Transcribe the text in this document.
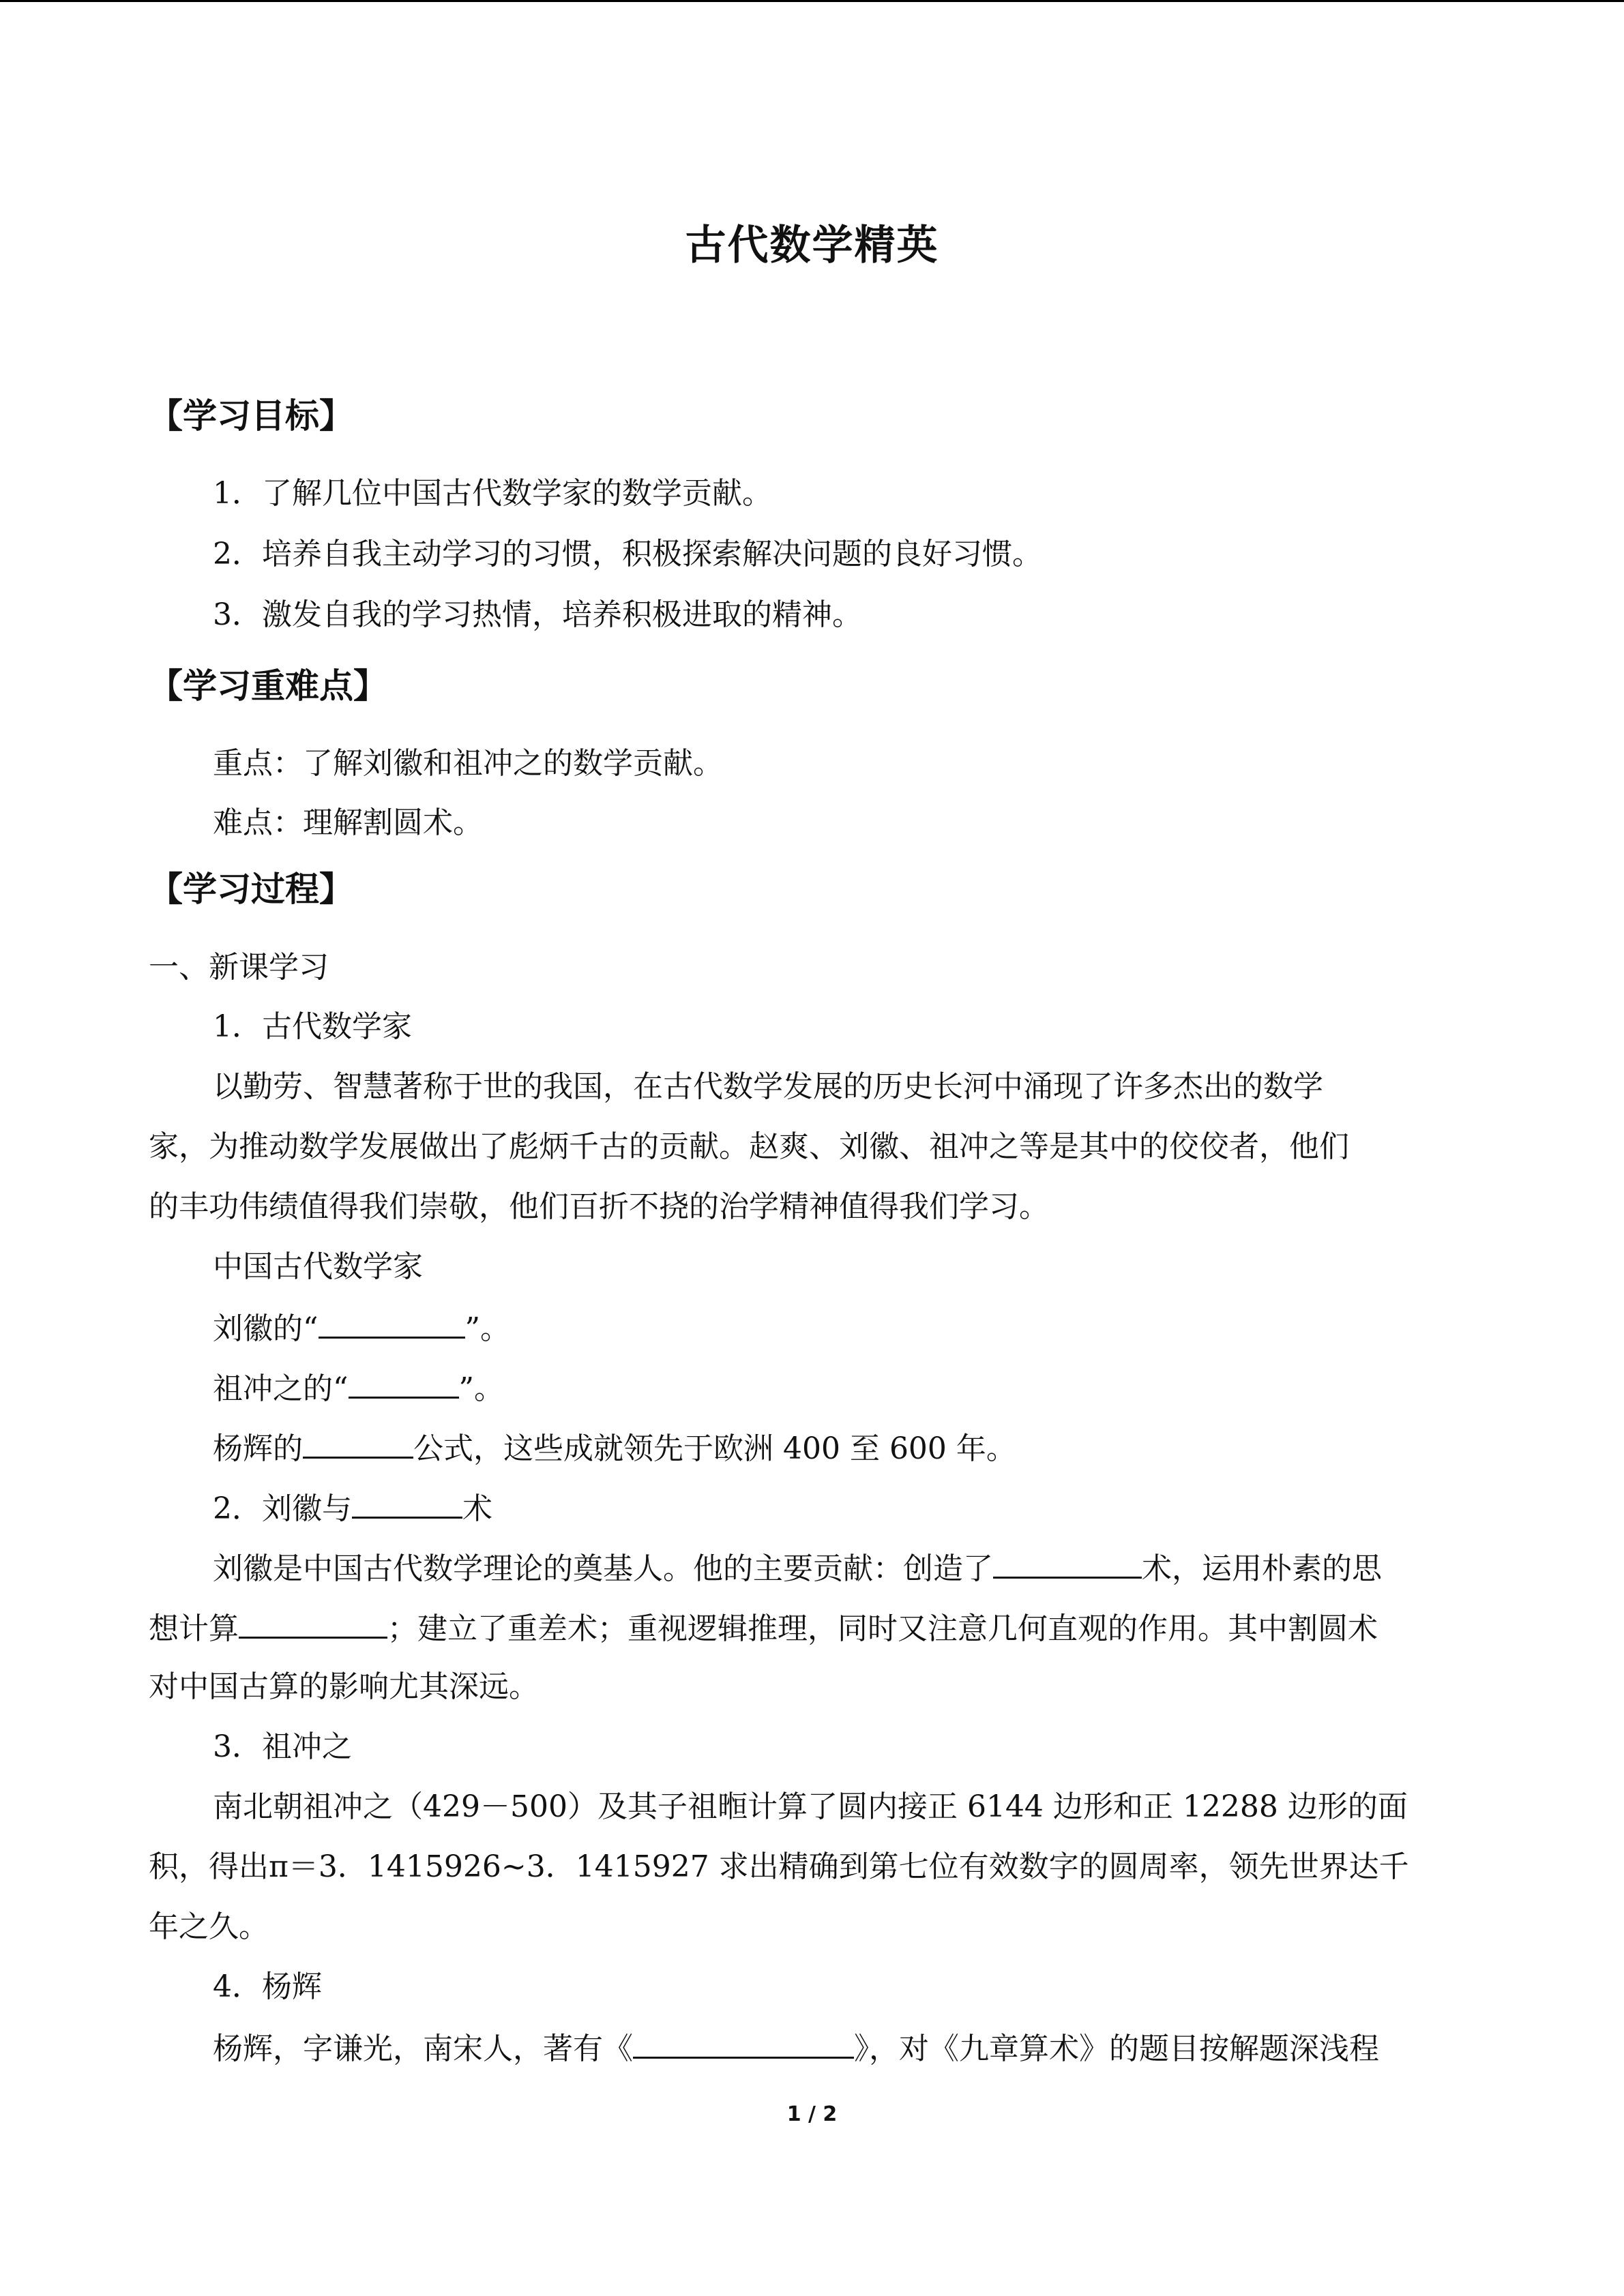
古代数学精英
【学习目标】
1．了解几位中国古代数学家的数学贡献。
2．培养自我主动学习的习惯，积极探索解决问题的良好习惯。
3．激发自我的学习热情，培养积极进取的精神。
【学习重难点】
重点：了解刘徽和祖冲之的数学贡献。
难点：理解割圆术。
【学习过程】
一、新课学习
1．古代数学家
以勤劳、智慧著称于世的我国，在古代数学发展的历史长河中涌现了许多杰出的数学
家，为推动数学发展做出了彪炳千古的贡献。赵爽、刘徽、祖冲之等是其中的佼佼者，他们
的丰功伟绩值得我们崇敬，他们百折不挠的治学精神值得我们学习。
中国古代数学家
刘徽的“	”。
祖冲之的“	”。
杨辉的	公式，这些成就领先于欧洲 400 至 600 年。
2．刘徽与	术
刘徽是中国古代数学理论的奠基人。他的主要贡献：创造了	术，运用朴素的思
想计算	；建立了重差术；重视逻辑推理，同时又注意几何直观的作用。其中割圆术
对中国古算的影响尤其深远。
3．祖冲之
南北朝祖冲之（429－500）及其子祖暅计算了圆内接正 6144 边形和正 12288 边形的面
积，得出π＝3．1415926~3．1415927 求出精确到第七位有效数字的圆周率，领先世界达千
年之久。
4．杨辉
杨辉，字谦光，南宋人，著有《	》，对《九章算术》的题目按解题深浅程
1 / 2
